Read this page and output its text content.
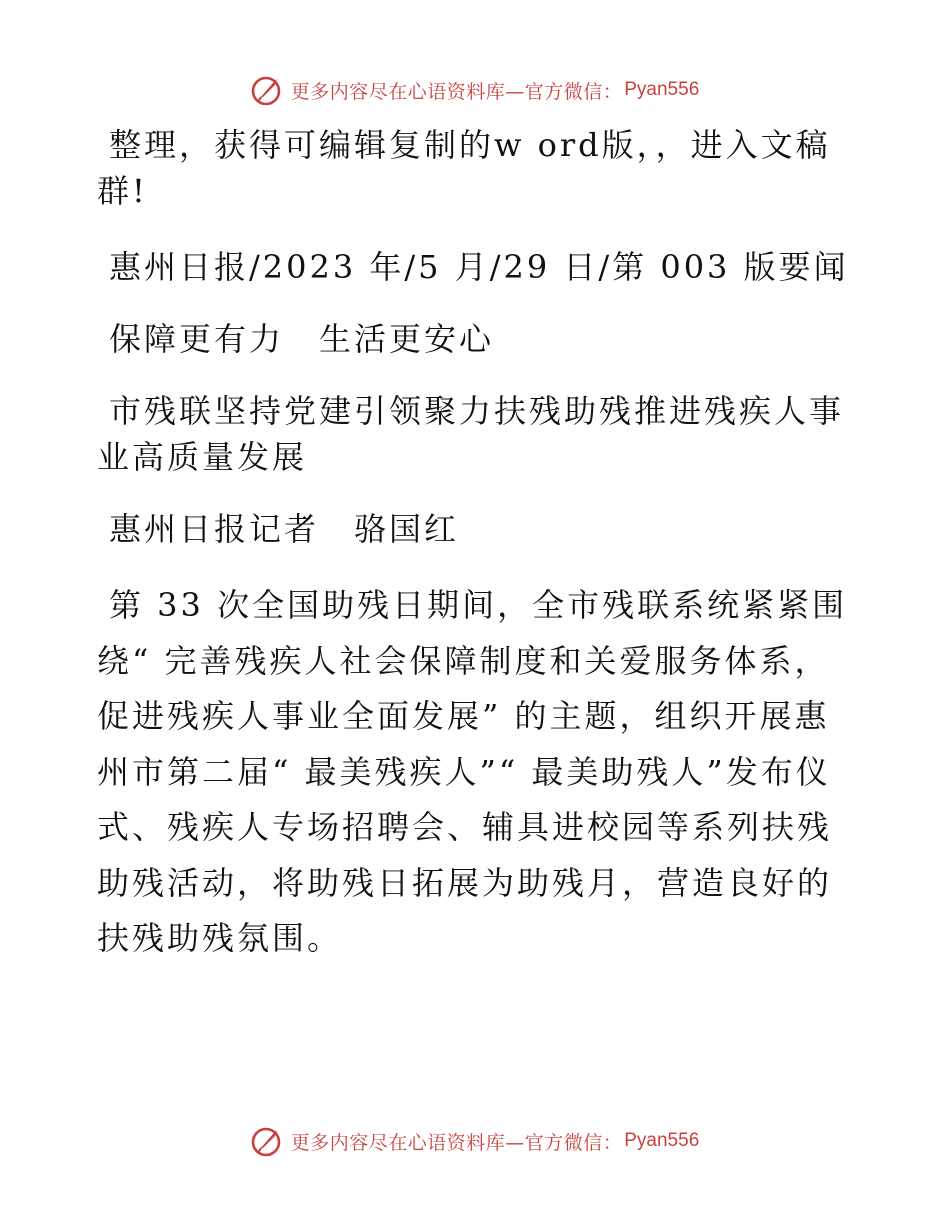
更多内容尽在心语资料库—官方微信： Pyan556

整理，获得可编辑复制的w ord版，，进入文稿群!

惠州日报/2023 年/5 月/29 日/第 003 版要闻

保障更有力　生活更安心

市残联坚持党建引领聚力扶残助残推进残疾人事业高质量发展

惠州日报记者　骆国红

第 33 次全国助残日期间，全市残联系统紧紧围绕“ 完善残疾人社会保障制度和关爱服务体系，促进残疾人事业全面发展” 的主题，组织开展惠州市第二届“ 最美残疾人”“ 最美助残人”发布仪式、残疾人专场招聘会、辅具进校园等系列扶残助残活动，将助残日拓展为助残月，营造良好的扶残助残氛围。

更多内容尽在心语资料库—官方微信： Pyan556
